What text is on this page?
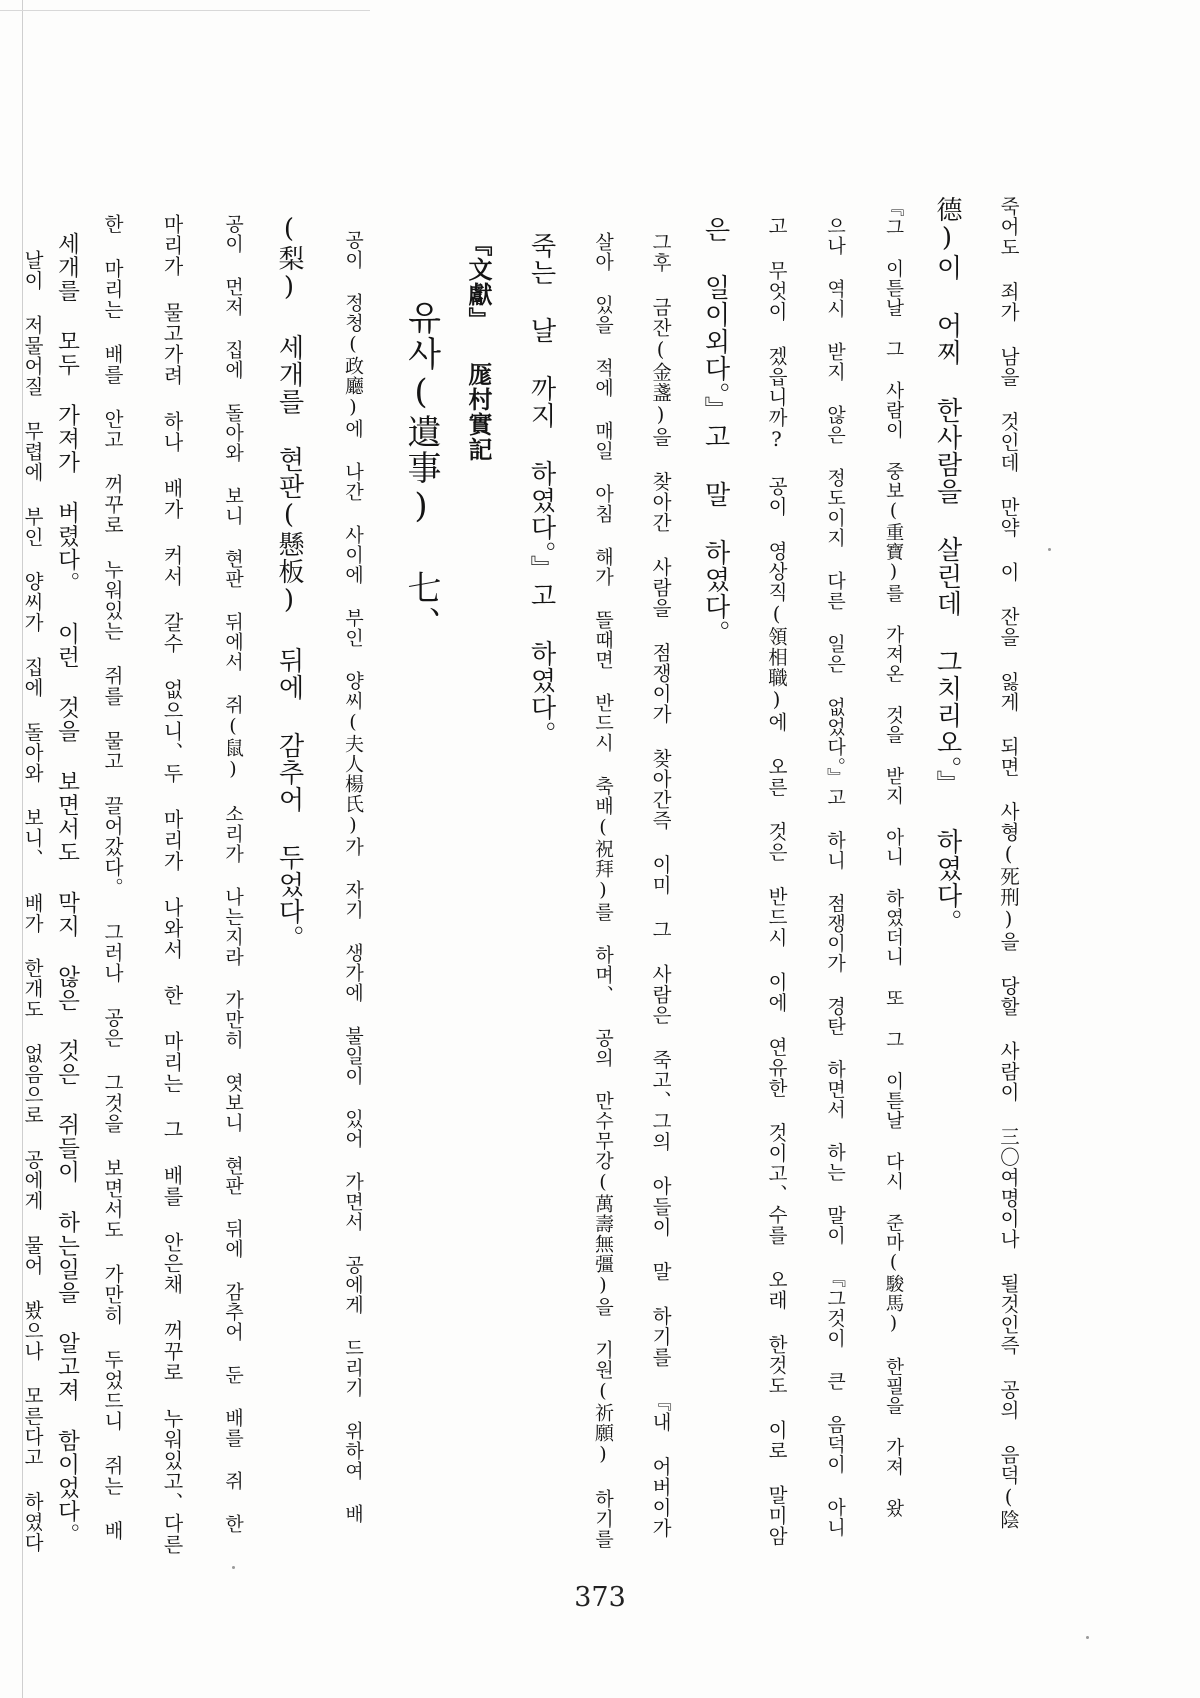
죽어도 죄가 남을 것인데 만약 이 잔을 잃게 되면 사형(死刑)을 당할 사람이 三〇여명이나 될것인즉 공의 음덕(陰
德)이 어찌 한사람을 살린데 그치리오。』 하였다。
『그 이튿날 그 사람이 중보(重寶)를 가져온 것을 받지 아니 하였더니 또 그 이튿날 다시 준마(駿馬) 한필을 가져 왔
으나 역시 받지 않은 정도이지 다른 일은 없었다。』고 하니 점쟁이가 경탄 하면서 하는 말이 『그것이 큰 음덕이 아니
고 무엇이 겠읍니까? 공이 영상직(領相職)에 오른 것은 반드시 이에 연유한 것이고、수를 오래 한것도 이로 말미암
은 일이외다。』고 말 하였다。
그후 금잔(金盞)을 찾아간 사람을 점쟁이가 찾아간즉 이미 그 사람은 죽고、그의 아들이 말 하기를 『내 어버이가
살아 있을 적에 매일 아침 해가 뜰때면 반드시 축배(祝拜)를 하며、 공의 만수무강(萬壽無彊)을 기원(祈願) 하기를
죽는 날 까지 하였다。』고 하였다。
『文獻』 厖村實記
유사(遺事) 七、
공이 정청(政廳)에 나간 사이에 부인 양씨(夫人楊氏)가 자기 생가에 불일이 있어 가면서 공에게 드리기 위하여 배
(梨) 세개를 현판(懸板) 뒤에 감추어 두었다。
공이 먼저 집에 돌아와 보니 현판 뒤에서 쥐(鼠) 소리가 나는지라 가만히 엿보니 현판 뒤에 감추어 둔 배를 쥐 한
마리가 물고가려 하나 배가 커서 갈수 없으니、두 마리가 나와서 한 마리는 그 배를 안은채 꺼꾸로 누워있고、다른
한 마리는 배를 안고 꺼꾸로 누워있는 쥐를 물고 끌어갔다。 그러나 공은 그것을 보면서도 가만히 두었드니 쥐는 배
세개를 모두 가져가 버렸다。 이런 것을 보면서도 막지 않은 것은 쥐들이 하는일을 알고져 함이었다。
날이 저물어질 무렵에 부인 양씨가 집에 돌아와 보니、 배가 한개도 없음으로 공에게 물어 봤으나 모른다고 하였다
373
